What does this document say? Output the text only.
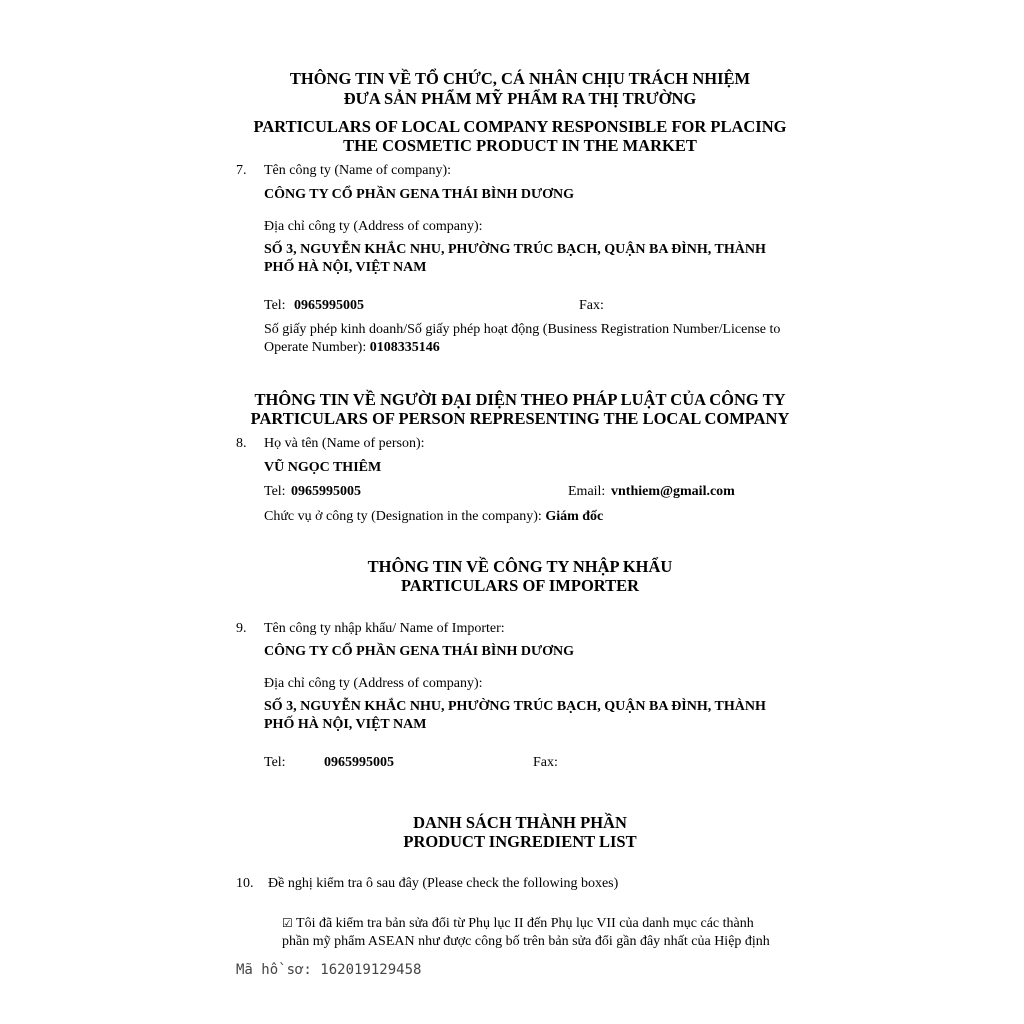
THÔNG TIN VỀ TỔ CHỨC, CÁ NHÂN CHỊU TRÁCH NHIỆM
ĐƯA SẢN PHẨM MỸ PHẨM RA THỊ TRƯỜNG
PARTICULARS OF LOCAL COMPANY RESPONSIBLE FOR PLACING
THE COSMETIC PRODUCT IN THE MARKET
7. Tên công ty (Name of company):
CÔNG TY CỔ PHẦN GENA THÁI BÌNH DƯƠNG
Địa chỉ công ty (Address of company):
SỐ 3, NGUYỄN KHẮC NHU, PHƯỜNG TRÚC BẠCH, QUẬN BA ĐÌNH, THÀNH
PHỐ HÀ NỘI, VIỆT NAM
Tel: 0965995005	Fax:
Số giấy phép kinh doanh/Số giấy phép hoạt động (Business Registration Number/License to
Operate Number): 0108335146
THÔNG TIN VỀ NGƯỜI ĐẠI DIỆN THEO PHÁP LUẬT CỦA CÔNG TY
PARTICULARS OF PERSON REPRESENTING THE LOCAL COMPANY
8. Họ và tên (Name of person):
VŨ NGỌC THIÊM
Tel: 0965995005	Email: vnthiem@gmail.com
Chức vụ ở công ty (Designation in the company): Giám đốc
THÔNG TIN VỀ CÔNG TY NHẬP KHẨU
PARTICULARS OF IMPORTER
9. Tên công ty nhập khẩu/ Name of Importer:
CÔNG TY CỔ PHẦN GENA THÁI BÌNH DƯƠNG
Địa chỉ công ty (Address of company):
SỐ 3, NGUYỄN KHẮC NHU, PHƯỜNG TRÚC BẠCH, QUẬN BA ĐÌNH, THÀNH
PHỐ HÀ NỘI, VIỆT NAM
Tel:	0965995005	Fax:
DANH SÁCH THÀNH PHẦN
PRODUCT INGREDIENT LIST
10. Đề nghị kiểm tra ô sau đây (Please check the following boxes)
☑ Tôi đã kiểm tra bản sửa đổi từ Phụ lục II đến Phụ lục VII của danh mục các thành
phần mỹ phẩm ASEAN như được công bố trên bản sửa đổi gần đây nhất của Hiệp định
Mã hồ sơ: 162019129458
